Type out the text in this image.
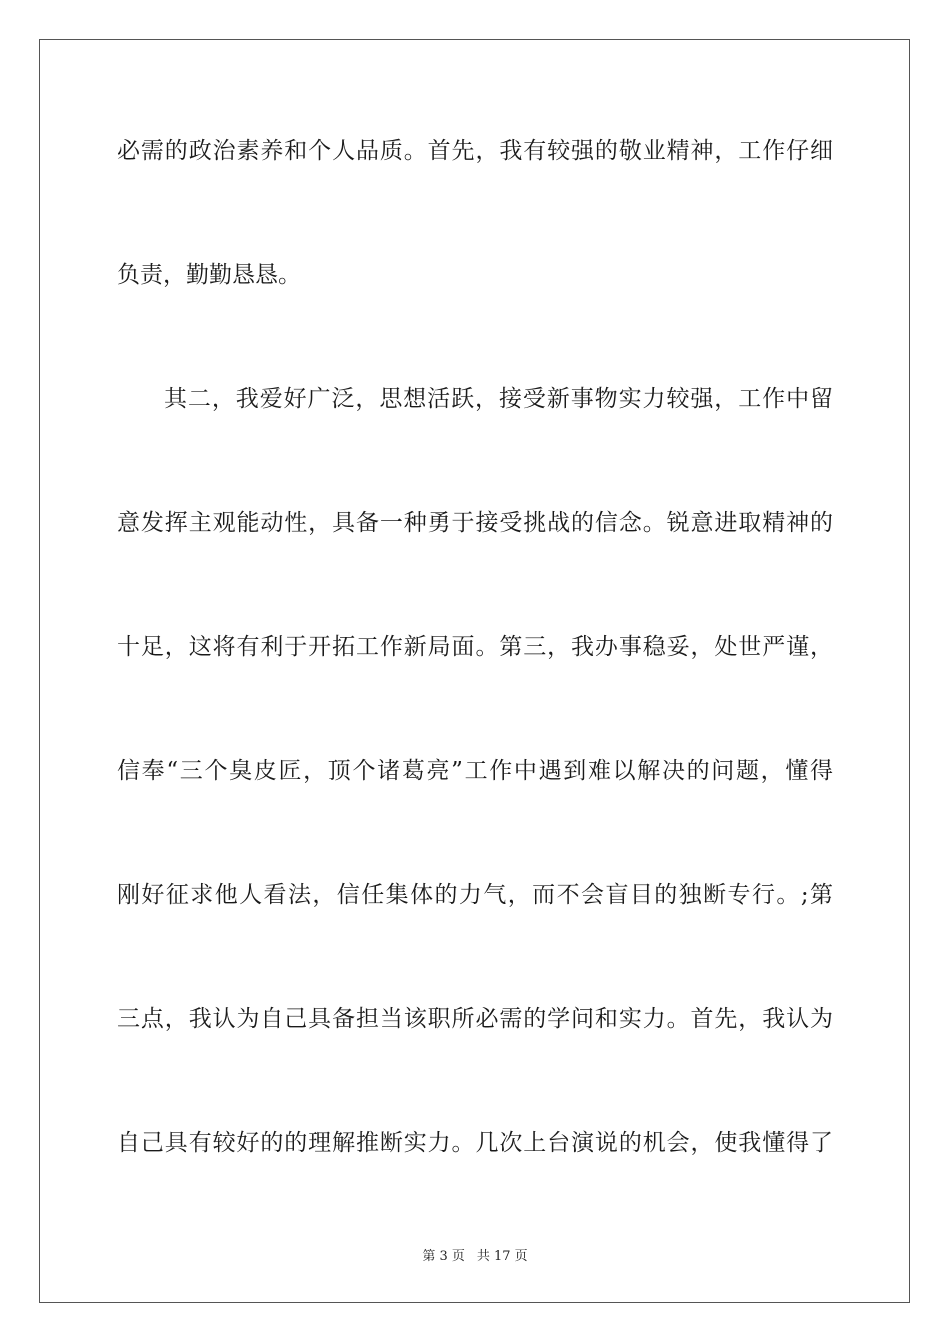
必需的政治素养和个人品质。首先，我有较强的敬业精神，工作仔细
负责，勤勤恳恳。
其二，我爱好广泛，思想活跃，接受新事物实力较强，工作中留
意发挥主观能动性，具备一种勇于接受挑战的信念。锐意进取精神的
十足，这将有利于开拓工作新局面。第三，我办事稳妥，处世严谨，
信奉“三个臭皮匠，顶个诸葛亮”工作中遇到难以解决的问题，懂得
刚好征求他人看法，信任集体的力气，而不会盲目的独断专行。;第
三点，我认为自己具备担当该职所必需的学问和实力。首先，我认为
自己具有较好的的理解推断实力。几次上台演说的机会，使我懂得了
第 3 页 共 17 页
